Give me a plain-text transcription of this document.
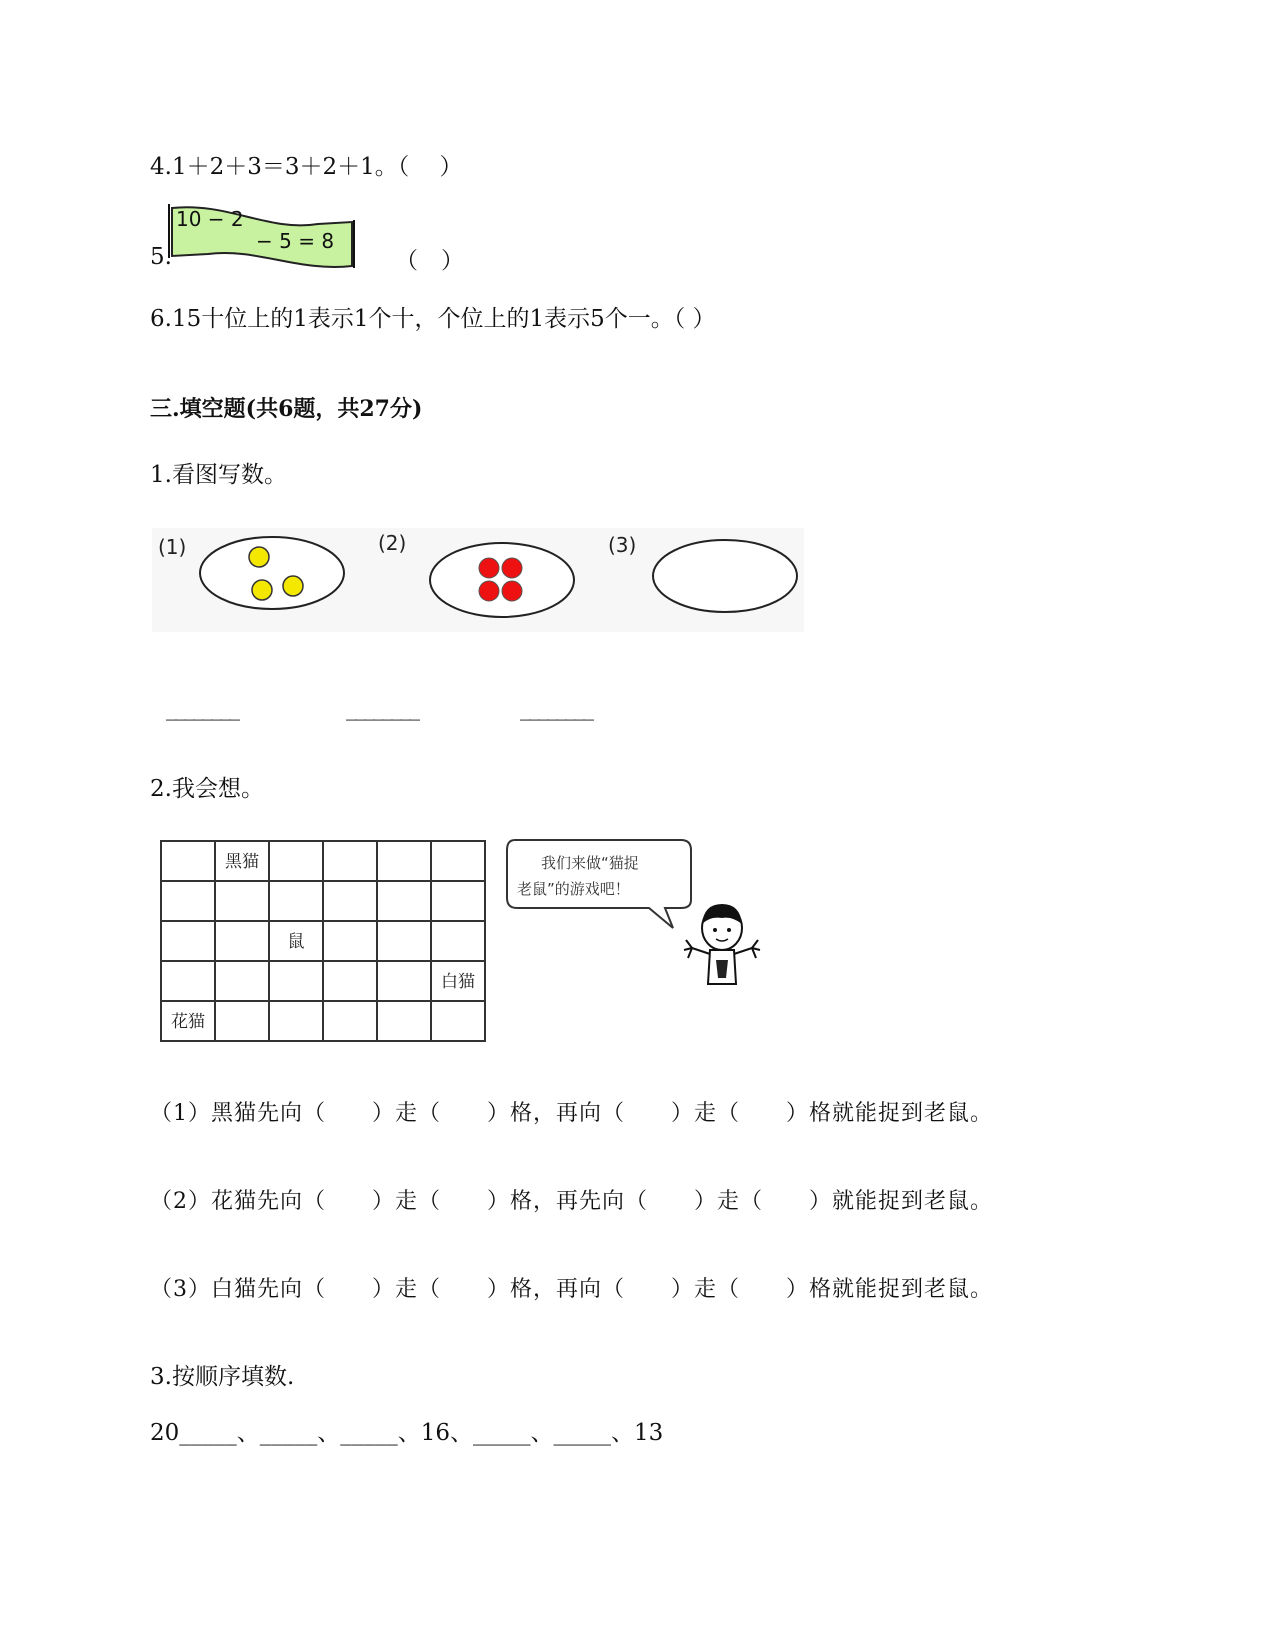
4.1＋2＋3＝3＋2＋1。（　 ）
5.
10 − 2
− 5 = 8
（　）
6.15十位上的1表示1个十，个位上的1表示5个一。（ ）
三.填空题(共6题，共27分)
1.看图写数。
(1)	(2)	(3)
________	________	________
2.我会想。
黑猫
鼠
白猫
花猫
我们来做“猫捉
老鼠”的游戏吧！
（1）黑猫先向（　　）走（　　）格，再向（　　）走（　　）格就能捉到老鼠。
（2）花猫先向（　　）走（　　）格，再先向（　　）走（　　）就能捉到老鼠。
（3）白猫先向（　　）走（　　）格，再向（　　）走（　　）格就能捉到老鼠。
3.按顺序填数.
20_____、_____、_____、16、_____、_____、13
